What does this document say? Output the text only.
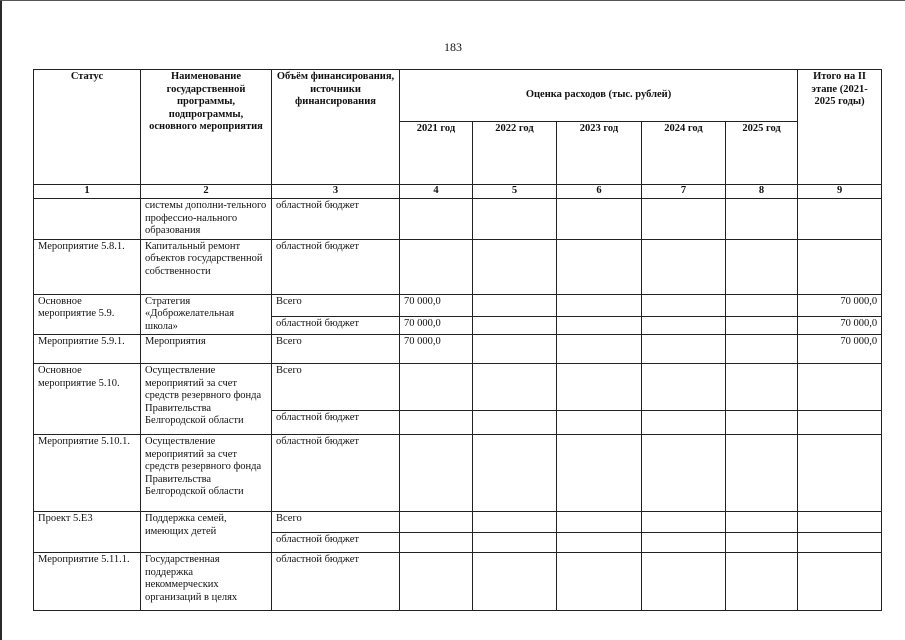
183
Статус	Наименование государственной программы, подпрограммы, основного мероприятия	Объём финансирования, источники финансирования	Оценка расходов (тыс. рублей)					Итого на II этапе (2021-2025 годы)
			2021 год	2022 год	2023 год	2024 год	2025 год	
1	2	3	4	5	6	7	8	9
	системы дополни-тельного профессио-нального образования	областной бюджет						
Мероприятие 5.8.1.	Капитальный ремонт объектов государственной собственности	областной бюджет						
Основное мероприятие 5.9.	Стратегия «Доброжелательная школа»	Всего	70 000,0					70 000,0
		областной бюджет	70 000,0					70 000,0
Мероприятие 5.9.1.	Мероприятия	Всего	70 000,0					70 000,0
Основное мероприятие 5.10.	Осуществление мероприятий за счет средств резервного фонда Правительства Белгородской области	Всего						
		областной бюджет						
Мероприятие 5.10.1.	Осуществление мероприятий за счет средств резервного фонда Правительства Белгородской области	областной бюджет						
Проект 5.Е3	Поддержка семей, имеющих детей	Всего						
		областной бюджет						
Мероприятие 5.11.1.	Государственная поддержка некоммерческих организаций в целях	областной бюджет						
